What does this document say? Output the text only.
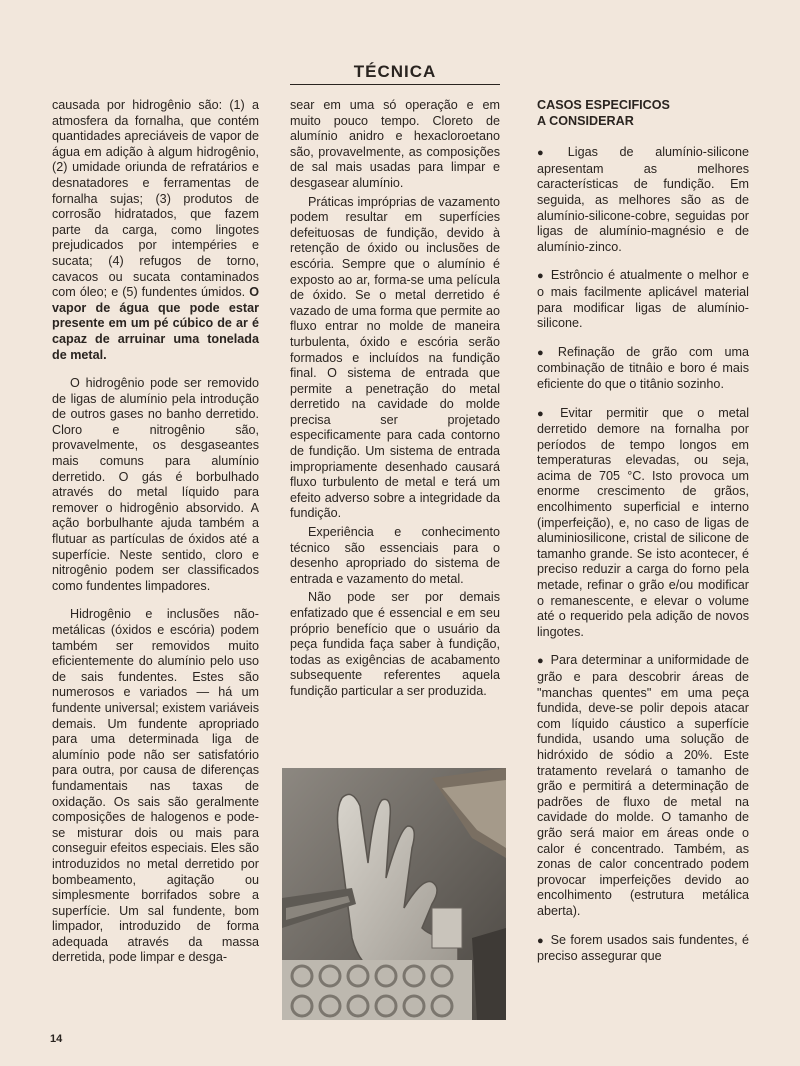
TÉCNICA

causada por hidrogênio são: (1) a atmosfera da fornalha, que contém quantidades apreciáveis de vapor de água em adição à algum hidrogênio, (2) umidade oriunda de refratários e desnatadores e ferramentas de fornalha sujas; (3) produtos de corrosão hidratados, que fazem parte da carga, como lingotes prejudicados por intempéries e sucata; (4) refugos de torno, cavacos ou sucata contaminados com óleo; e (5) fundentes úmidos. O vapor de água que pode estar presente em um pé cúbico de ar é capaz de arruinar uma tonelada de metal.

O hidrogênio pode ser removido de ligas de alumínio pela introdução de outros gases no banho derretido. Cloro e nitrogênio são, provavelmente, os desgaseantes mais comuns para alumínio derretido. O gás é borbulhado através do metal líquido para remover o hidrogênio absorvido. A ação borbulhante ajuda também a flutuar as partículas de óxidos até a superfície. Neste sentido, cloro e nitrogênio podem ser classificados como fundentes limpadores.

Hidrogênio e inclusões não-metálicas (óxidos e escória) podem também ser removidos muito eficientemente do alumínio pelo uso de sais fundentes. Estes são numerosos e variados — há um fundente universal; existem variáveis demais. Um fundente apropriado para uma determinada liga de alumínio pode não ser satisfatório para outra, por causa de diferenças fundamentais nas taxas de oxidação. Os sais são geralmente composições de halogenos e pode-se misturar dois ou mais para conseguir efeitos especiais. Eles são introduzidos no metal derretido por bombeamento, agitação ou simplesmente borrifados sobre a superfície. Um sal fundente, bom limpador, introduzido de forma adequada através da massa derretida, pode limpar e desga-

sear em uma só operação e em muito pouco tempo. Cloreto de alumínio anidro e hexacloroetano são, provavelmente, as composições de sal mais usadas para limpar e desgasear alumínio.

Práticas impróprias de vazamento podem resultar em superfícies defeituosas de fundição, devido à retenção de óxido ou inclusões de escória. Sempre que o alumínio é exposto ao ar, forma-se uma película de óxido. Se o metal derretido é vazado de uma forma que permite ao fluxo entrar no molde de maneira turbulenta, óxido e escória serão formados e incluídos na fundição final. O sistema de entrada que permite a penetração do metal derretido na cavidade do molde precisa ser projetado especificamente para cada contorno de fundição. Um sistema de entrada impropriamente desenhado causará fluxo turbulento de metal e terá um efeito adverso sobre a integridade da fundição.

Experiência e conhecimento técnico são essenciais para o desenho apropriado do sistema de entrada e vazamento do metal.

Não pode ser por demais enfatizado que é essencial e em seu próprio benefício que o usuário da peça fundida faça saber à fundição, todas as exigências de acabamento subsequente referentes aquela fundição particular a ser produzida.

CASOS ESPECIFICOS
A CONSIDERAR

● Ligas de alumínio-silicone apresentam as melhores características de fundição. Em seguida, as melhores são as de alumínio-silicone-cobre, seguidas por ligas de alumínio-magnésio e de alumínio-zinco.

● Estrôncio é atualmente o melhor e o mais facilmente aplicável material para modificar ligas de alumínio-silicone.

● Refinação de grão com uma combinação de titnâio e boro é mais eficiente do que o titânio sozinho.

● Evitar permitir que o metal derretido demore na fornalha por períodos de tempo longos em temperaturas elevadas, ou seja, acima de 705 °C. Isto provoca um enorme crescimento de grãos, encolhimento superficial e interno (imperfeição), e, no caso de ligas de aluminiosilicone, cristal de silicone de tamanho grande. Se isto acontecer, é preciso reduzir a carga do forno pela metade, refinar o grão e/ou modificar o remanescente, e elevar o volume até o requerido pela adição de novos lingotes.

● Para determinar a uniformidade de grão e para descobrir áreas de "manchas quentes" em uma peça fundida, deve-se polir depois atacar com líquido cáustico a superfície fundida, usando uma solução de hidróxido de sódio a 20%. Este tratamento revelará o tamanho de grão e permitirá a determinação de padrões de fluxo de metal na cavidade do molde. O tamanho de grão será maior em áreas onde o calor é concentrado. Também, as zonas de calor concentrado podem provocar imperfeições devido ao encolhimento (estrutura metálica aberta).

● Se forem usados sais fundentes, é preciso assegurar que

14
